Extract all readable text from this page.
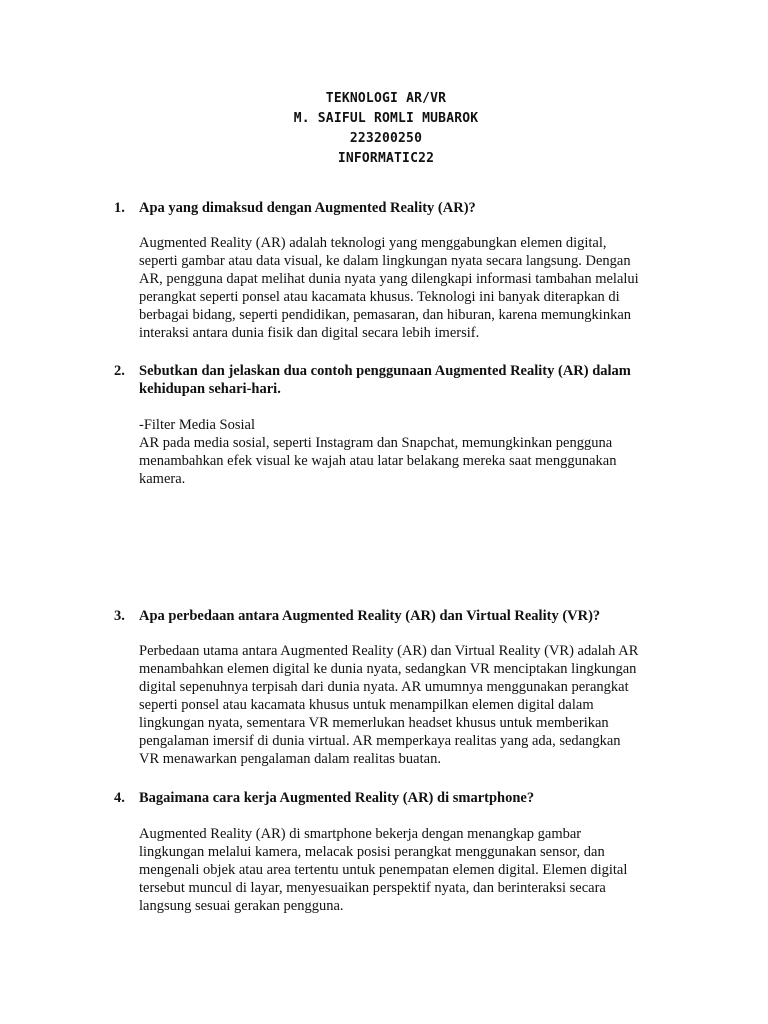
TEKNOLOGI AR/VR
M. SAIFUL ROMLI MUBAROK
223200250
INFORMATIC22
1. Apa yang dimaksud dengan Augmented Reality (AR)?
Augmented Reality (AR) adalah teknologi yang menggabungkan elemen digital,
seperti gambar atau data visual, ke dalam lingkungan nyata secara langsung. Dengan
AR, pengguna dapat melihat dunia nyata yang dilengkapi informasi tambahan melalui
perangkat seperti ponsel atau kacamata khusus. Teknologi ini banyak diterapkan di
berbagai bidang, seperti pendidikan, pemasaran, dan hiburan, karena memungkinkan
interaksi antara dunia fisik dan digital secara lebih imersif.
2. Sebutkan dan jelaskan dua contoh penggunaan Augmented Reality (AR) dalam
kehidupan sehari-hari.
-Filter Media Sosial
AR pada media sosial, seperti Instagram dan Snapchat, memungkinkan pengguna
menambahkan efek visual ke wajah atau latar belakang mereka saat menggunakan
kamera.
3. Apa perbedaan antara Augmented Reality (AR) dan Virtual Reality (VR)?
Perbedaan utama antara Augmented Reality (AR) dan Virtual Reality (VR) adalah AR
menambahkan elemen digital ke dunia nyata, sedangkan VR menciptakan lingkungan
digital sepenuhnya terpisah dari dunia nyata. AR umumnya menggunakan perangkat
seperti ponsel atau kacamata khusus untuk menampilkan elemen digital dalam
lingkungan nyata, sementara VR memerlukan headset khusus untuk memberikan
pengalaman imersif di dunia virtual. AR memperkaya realitas yang ada, sedangkan
VR menawarkan pengalaman dalam realitas buatan.
4. Bagaimana cara kerja Augmented Reality (AR) di smartphone?
Augmented Reality (AR) di smartphone bekerja dengan menangkap gambar
lingkungan melalui kamera, melacak posisi perangkat menggunakan sensor, dan
mengenali objek atau area tertentu untuk penempatan elemen digital. Elemen digital
tersebut muncul di layar, menyesuaikan perspektif nyata, dan berinteraksi secara
langsung sesuai gerakan pengguna.
